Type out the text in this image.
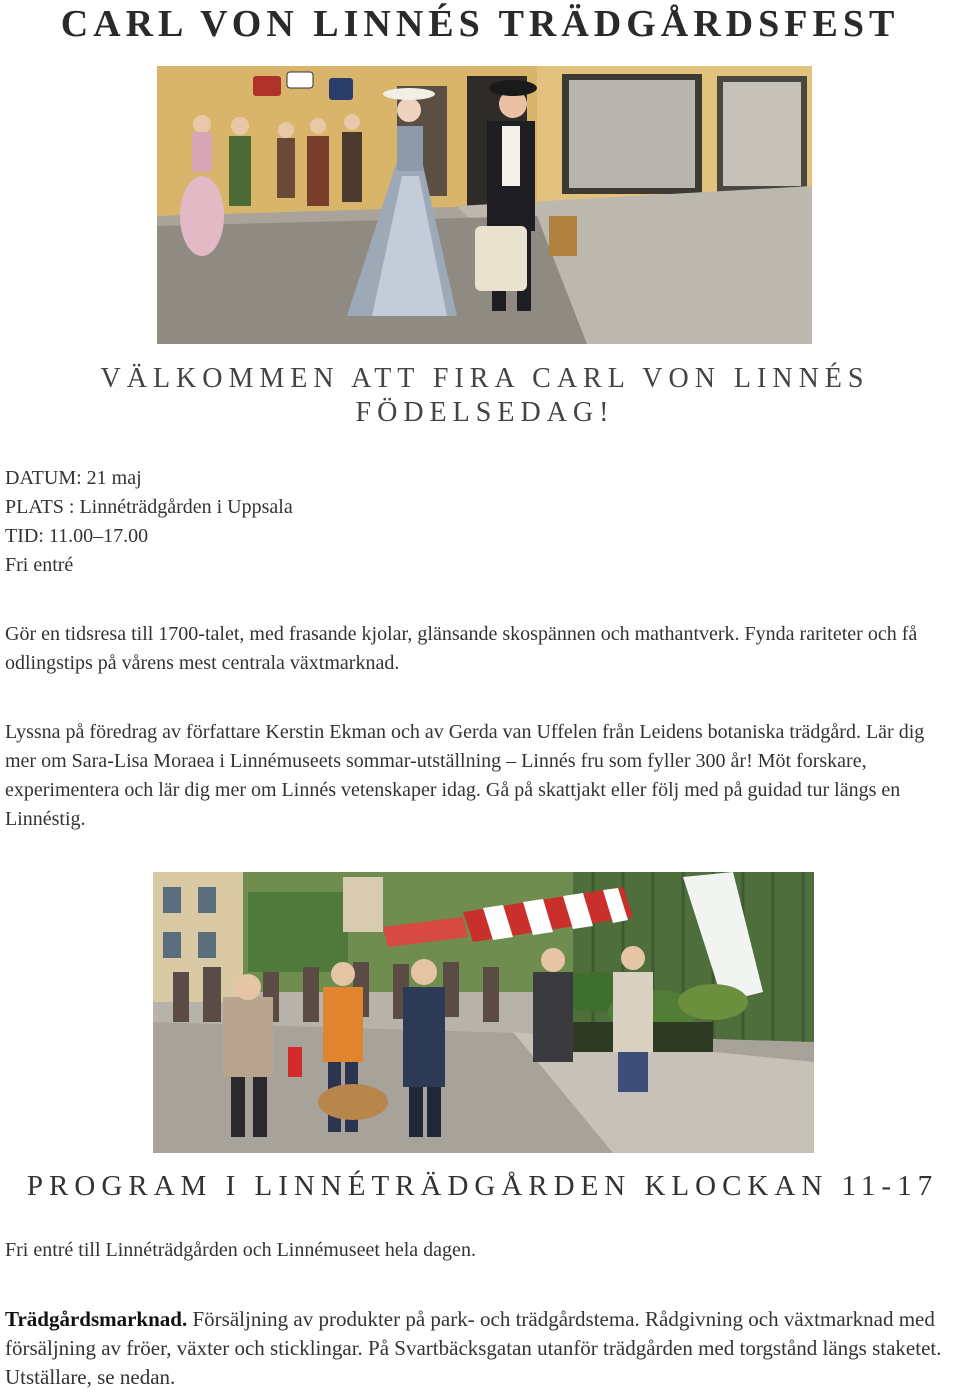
CARL VON LINNÉS TRÄDGÅRDSFEST
VÄLKOMMEN ATT FIRA CARL VON LINNÉS FÖDELSEDAG!
DATUM: 21 maj
PLATS : Linnéträdgården i Uppsala
TID: 11.00–17.00
Fri entré

Gör en tidsresa till 1700-talet, med frasande kjolar, glänsande skospännen och mathantverk. Fynda rariteter och få odlingstips på vårens mest centrala växtmarknad.

Lyssna på föredrag av författare Kerstin Ekman och av Gerda van Uffelen från Leidens botaniska trädgård. Lär dig mer om Sara-Lisa Moraea i Linnémuseets sommar-utställning – Linnés fru som fyller 300 år! Möt forskare, experimentera och lär dig mer om Linnés vetenskaper idag. Gå på skattjakt eller följ med på guidad tur längs en Linnéstig.

PROGRAM I LINNÉTRÄDGÅRDEN KLOCKAN 11-17

Fri entré till Linnéträdgården och Linnémuseet hela dagen.

Trädgårdsmarknad. Försäljning av produkter på park- och trädgårdstema. Rådgivning och växtmarknad med försäljning av fröer, växter och sticklingar. På Svartbäcksgatan utanför trädgården med torgstånd längs staketet. Utställare, se nedan.
